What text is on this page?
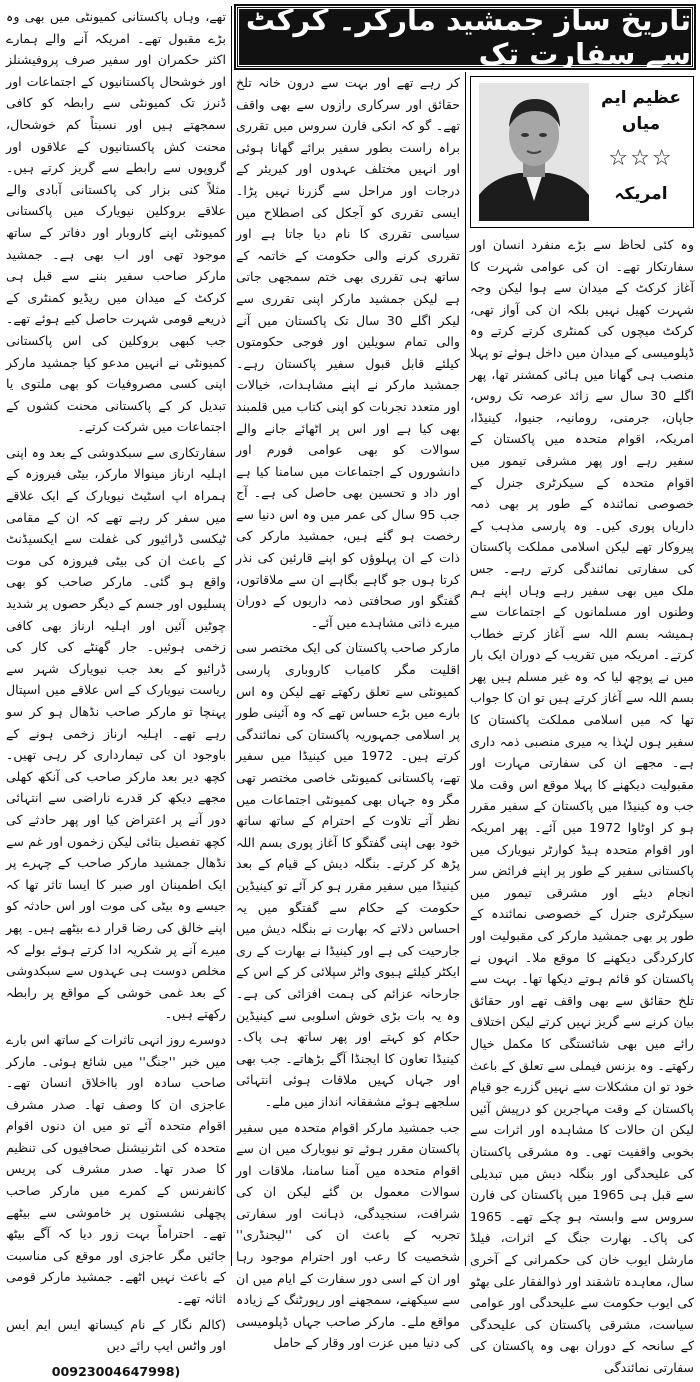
تاریخ ساز جمشید مارکر۔ کرکٹ سے سفارت تک
عظیم ایم میاں
☆☆☆
امریکہ

وہ کئی لحاظ سے بڑے منفرد انسان اور سفارتکار تھے۔ ان کی عوامی شہرت کا آغاز کرکٹ کے میدان سے ہوا لیکن وجہ شہرت کھیل نہیں بلکہ ان کی آواز تھی، کرکٹ میچوں کی کمنٹری کرتے کرتے وہ ڈپلومیسی کے میدان میں داخل ہوئے تو پہلا منصب ہی گھانا میں ہائی کمشنر تھا، پھر اگلے 30 سال سے زائد عرصہ تک روس، جاپان، جرمنی، رومانیہ، جنیوا، کینیڈا، امریکہ، اقوام متحدہ میں پاکستان کے سفیر رہے اور پھر مشرقی تیمور میں اقوام متحدہ کے سیکرٹری جنرل کے خصوصی نمائندہ کے طور پر بھی ذمہ داریاں پوری کیں۔ وہ پارسی مذہب کے پیروکار تھے لیکن اسلامی مملکت پاکستان کی سفارتی نمائندگی کرتے رہے۔ جس ملک میں بھی سفیر رہے وہاں اپنے ہم وطنوں اور مسلمانوں کے اجتماعات سے ہمیشہ بسم اللہ سے آغاز کرتے خطاب کرتے۔ امریکہ میں تقریب کے دوران ایک بار میں نے پوچھ لیا کہ وہ غیر مسلم ہیں پھر بسم اللہ سے آغاز کرتے ہیں تو ان کا جواب تھا کہ میں اسلامی مملکت پاکستان کا سفیر ہوں لہٰذا یہ میری منصبی ذمہ داری ہے۔ مجھے ان کی سفارتی مہارت اور مقبولیت دیکھنے کا پہلا موقع اس وقت ملا جب وہ کینیڈا میں پاکستان کے سفیر مقرر ہو کر اوٹاوا 1972 میں آئے۔ پھر امریکہ اور اقوام متحدہ ہیڈ کوارٹر نیویارک میں پاکستانی سفیر کے طور پر اپنے فرائض سر انجام دیئے اور مشرقی تیمور میں سیکرٹری جنرل کے خصوصی نمائندہ کے طور پر بھی جمشید مارکر کی مقبولیت اور کارکردگی دیکھنے کا موقع ملا۔ انہوں نے پاکستان کو قائم ہوتے دیکھا تھا۔ بہت سے تلخ حقائق سے بھی واقف تھے اور حقائق بیان کرنے سے گریز نہیں کرتے لیکن اختلاف رائے میں بھی شائستگی کا مکمل خیال رکھتے۔ وہ بزنس فیملی سے تعلق کے باعث خود تو ان مشکلات سے نہیں گزرے جو قیام پاکستان کے وقت مہاجرین کو درپیش آئیں لیکن ان حالات کا مشاہدہ اور اثرات سے بخوبی واقفیت تھی۔ وہ مشرقی پاکستان کی علیحدگی اور بنگلہ دیش میں تبدیلی سے قبل ہی 1965 میں پاکستان کی فارن سروس سے وابستہ ہو چکے تھے۔ 1965 کی پاک۔ بھارت جنگ کے اثرات، فیلڈ مارشل ایوب خان کی حکمرانی کے آخری سال، معاہدہ تاشقند اور ذوالفقار علی بھٹو کی ایوب حکومت سے علیحدگی اور عوامی سیاست، مشرقی پاکستان کی علیحدگی کے سانحہ کے دوران بھی وہ پاکستان کی سفارتی نمائندگی

کر رہے تھے اور بہت سے درون خانہ تلخ حقائق اور سرکاری رازوں سے بھی واقف تھے۔ گو کہ انکی فارن سروس میں تقرری براہ راست بطور سفیر برائے گھانا ہوئی اور انہیں مختلف عہدوں اور کیریئر کے درجات اور مراحل سے گزرنا نہیں پڑا۔ ایسی تقرری کو آجکل کی اصطلاح میں سیاسی تقرری کا نام دیا جاتا ہے اور تقرری کرنے والی حکومت کے خاتمہ کے ساتھ ہی تقرری بھی ختم سمجھی جاتی ہے لیکن جمشید مارکر اپنی تقرری سے لیکر اگلے 30 سال تک پاکستان میں آنے والی تمام سویلین اور فوجی حکومتوں کیلئے قابل قبول سفیر پاکستان رہے۔ جمشید مارکر نے اپنے مشاہدات، خیالات اور متعدد تجربات کو اپنی کتاب میں قلمبند بھی کیا ہے اور اس پر اٹھائے جانے والے سوالات کو بھی عوامی فورم اور دانشوروں کے اجتماعات میں سامنا کیا ہے اور داد و تحسین بھی حاصل کی ہے۔ آج جب 95 سال کی عمر میں وہ اس دنیا سے رخصت ہو گئے ہیں، جمشید مارکر کی ذات کے ان پہلوؤں کو اپنے قارئین کی نذر کرتا ہوں جو گاہے بگاہے ان سے ملاقاتوں، گفتگو اور صحافتی ذمہ داریوں کے دوران میرے ذاتی مشاہدے میں آئے۔

مارکر صاحب پاکستان کی ایک مختصر سی اقلیت مگر کامیاب کاروباری پارسی کمیونٹی سے تعلق رکھتے تھے لیکن وہ اس بارے میں بڑے حساس تھے کہ وہ آئینی طور پر اسلامی جمہوریہ پاکستان کی نمائندگی کرتے ہیں۔ 1972 میں کینیڈا میں سفیر تھے، پاکستانی کمیونٹی خاصی مختصر تھی مگر وہ جہاں بھی کمیونٹی اجتماعات میں نظر آتے تلاوت کے احترام کے ساتھ ساتھ خود بھی اپنی گفتگو کا آغاز پوری بسم اللہ پڑھ کر کرتے۔ بنگلہ دیش کے قیام کے بعد کینیڈا میں سفیر مقرر ہو کر آئے تو کینیڈین حکومت کے حکام سے گفتگو میں یہ احساس دلاتے کہ بھارت نے بنگلہ دیش میں جارحیت کی ہے اور کینیڈا نے بھارت کے ری ایکٹر کیلئے ہیوی واٹر سپلائی کر کے اس کے جارحانہ عزائم کی ہمت افزائی کی ہے۔ وہ یہ بات بڑی خوش اسلوبی سے کینیڈین حکام کو کہتے اور پھر ساتھ ہی پاک۔ کینیڈا تعاون کا ایجنڈا آگے بڑھاتے۔ جب بھی اور جہاں کہیں ملاقات ہوئی انتہائی سلجھے ہوئے مشفقانہ انداز میں ملے۔

جب جمشید مارکر اقوام متحدہ میں سفیر پاکستان مقرر ہوئے تو نیویارک میں ان سے اقوام متحدہ میں آمنا سامنا، ملاقات اور سوالات معمول بن گئے لیکن ان کی شرافت، سنجیدگی، ذہانت اور سفارتی تجربہ کے باعث ان کی ''لیجنڈری'' شخصیت کا رعب اور احترام موجود رہا اور ان کے اسی دور سفارت کے ایام میں ان سے سیکھنے، سمجھنے اور رپورٹنگ کے زیادہ مواقع ملے۔ مارکر صاحب جہاں ڈپلومیسی کی دنیا میں عزت اور وقار کے حامل

تھے، وہاں پاکستانی کمیونٹی میں بھی وہ بڑے مقبول تھے۔ امریکہ آنے والے ہمارے اکثر حکمران اور سفیر صرف پروفیشنلز اور خوشحال پاکستانیوں کے اجتماعات اور ڈنرز تک کمیونٹی سے رابطہ کو کافی سمجھتے ہیں اور نسبتاً کم خوشحال، محنت کش پاکستانیوں کے علاقوں اور گروپوں سے رابطے سے گریز کرتے ہیں۔ مثلاً کنی بزار کی پاکستانی آبادی والے علاقے بروکلین نیویارک میں پاکستانی کمیونٹی اپنے کاروبار اور دفاتر کے ساتھ موجود تھی اور اب بھی ہے۔ جمشید مارکر صاحب سفیر بننے سے قبل ہی کرکٹ کے میدان میں ریڈیو کمنٹری کے ذریعے قومی شہرت حاصل کیے ہوئے تھے۔ جب کبھی بروکلین کی اس پاکستانی کمیونٹی نے انہیں مدعو کیا جمشید مارکر اپنی کسی مصروفیات کو بھی ملتوی یا تبدیل کر کے پاکستانی محنت کشوں کے اجتماعات میں شرکت کرتے۔

سفارتکاری سے سبکدوشی کے بعد وہ اپنی اہلیہ ارناز مینوالا مارکر، بیٹی فیروزہ کے ہمراہ اپ اسٹیٹ نیویارک کے ایک علاقے میں سفر کر رہے تھے کہ ان کے مقامی ٹیکسی ڈرائیور کی غفلت سے ایکسیڈنٹ کے باعث ان کی بیٹی فیروزہ کی موت واقع ہو گئی۔ مارکر صاحب کو بھی پسلیوں اور جسم کے دیگر حصوں پر شدید چوٹیں آئیں اور اہلیہ ارناز بھی کافی زخمی ہوئیں۔ جار گھنٹے کی کار کی ڈرائیو کے بعد جب نیویارک شہر سے ریاست نیویارک کے اس علاقے میں اسپتال پہنچا تو مارکر صاحب نڈھال ہو کر سو رہے تھے۔ اہلیہ ارناز زخمی ہونے کے باوجود ان کی تیمارداری کر رہی تھیں۔ کچھ دیر بعد مارکر صاحب کی آنکھ کھلی مجھے دیکھ کر قدرے ناراضی سے انتہائی دور آنے پر اعتراض کیا اور پھر حادثے کی کچھ تفصیل بتائی لیکن زخموں اور غم سے نڈھال جمشید مارکر صاحب کے چہرے پر ایک اطمینان اور صبر کا ایسا تاثر تھا کہ جیسے وہ بیٹی کی موت اور اس حادثہ کو اپنے خالق کی رضا قرار دے بیٹھے ہیں۔ پھر میرے آنے پر شکریہ ادا کرتے ہوئے بولے کہ مخلص دوست ہی عہدوں سے سبکدوشی کے بعد غمی خوشی کے مواقع پر رابطہ رکھتے ہیں۔

دوسرے روز انہی تاثرات کے ساتھ اس بارے میں خبر ''جنگ'' میں شائع ہوئی۔ مارکر صاحب سادہ اور بااخلاق انسان تھے۔ عاجزی ان کا وصف تھا۔ صدر مشرف اقوام متحدہ آئے تو میں ان دنوں اقوام متحدہ کی انٹرنیشنل صحافیوں کی تنظیم کا صدر تھا۔ صدر مشرف کی پریس کانفرنس کے کمرے میں مارکر صاحب پچھلی نشستوں پر خاموشی سے بیٹھے تھے۔ احتراماً بہت زور دیا کہ آگے بیٹھ جائیں مگر عاجزی اور موقع کی مناسبت کے باعث نہیں اٹھے۔ جمشید مارکر قومی اثاثہ تھے۔

(کالم نگار کے نام کیساتھ ایس ایم ایس اور واٹس ایپ رائے دیں

00923004647998)
